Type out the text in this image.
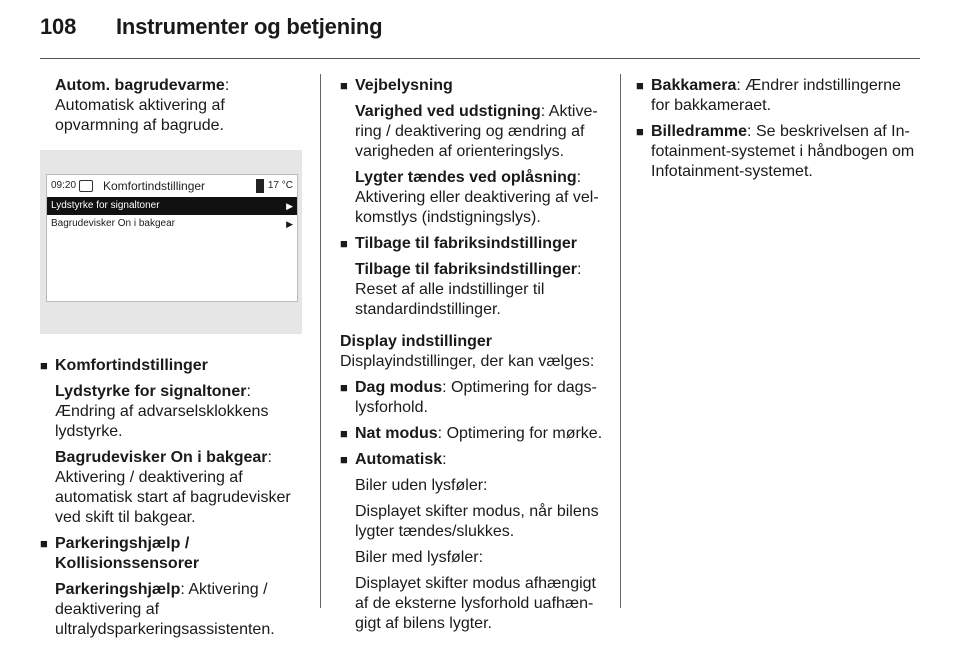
108 Instrumenter og betjening

Autom. bagrudevarme: Automatisk aktivering af opvarmning af bagrude.

09:20 Komfortindstillinger	17 °C
Lydstyrke for signaltoner	▶
Bagrudevisker On i bakgear	▶
■ Komfortindstillinger

Lydstyrke for signaltoner: Ændring af advarselsklokkens lydstyrke.

Bagrudevisker On i bakgear: Aktivering / deaktivering af automatisk start af bagrudevisker ved skift til bakgear.

■ Parkeringshjælp / Kollisionssensorer

Parkeringshjælp: Aktivering / deaktivering af ultralydsparkeringsassistenten.

■ Vejbelysning

Varighed ved udstigning: Aktivering / deaktivering og ændring af varigheden af orienteringslys.

Lygter tændes ved oplåsning: Aktivering eller deaktivering af velkomstlys (indstigningslys).

■ Tilbage til fabriksindstillinger

Tilbage til fabriksindstillinger: Reset af alle indstillinger til standardindstillinger.

Display indstillinger

Displayindstillinger, der kan vælges:

■ Dag modus: Optimering for dagslysforhold.
■ Nat modus: Optimering for mørke.
■ Automatisk:

Biler uden lysføler:

Displayet skifter modus, når bilens lygter tændes/slukkes.

Biler med lysføler:

Displayet skifter modus afhængigt af de eksterne lysforhold uafhængigt af bilens lygter.

■ Bakkamera: Ændrer indstillingerne for bakkameraet.
■ Billedramme: Se beskrivelsen af Infotainment-systemet i håndbogen om Infotainment-systemet.
